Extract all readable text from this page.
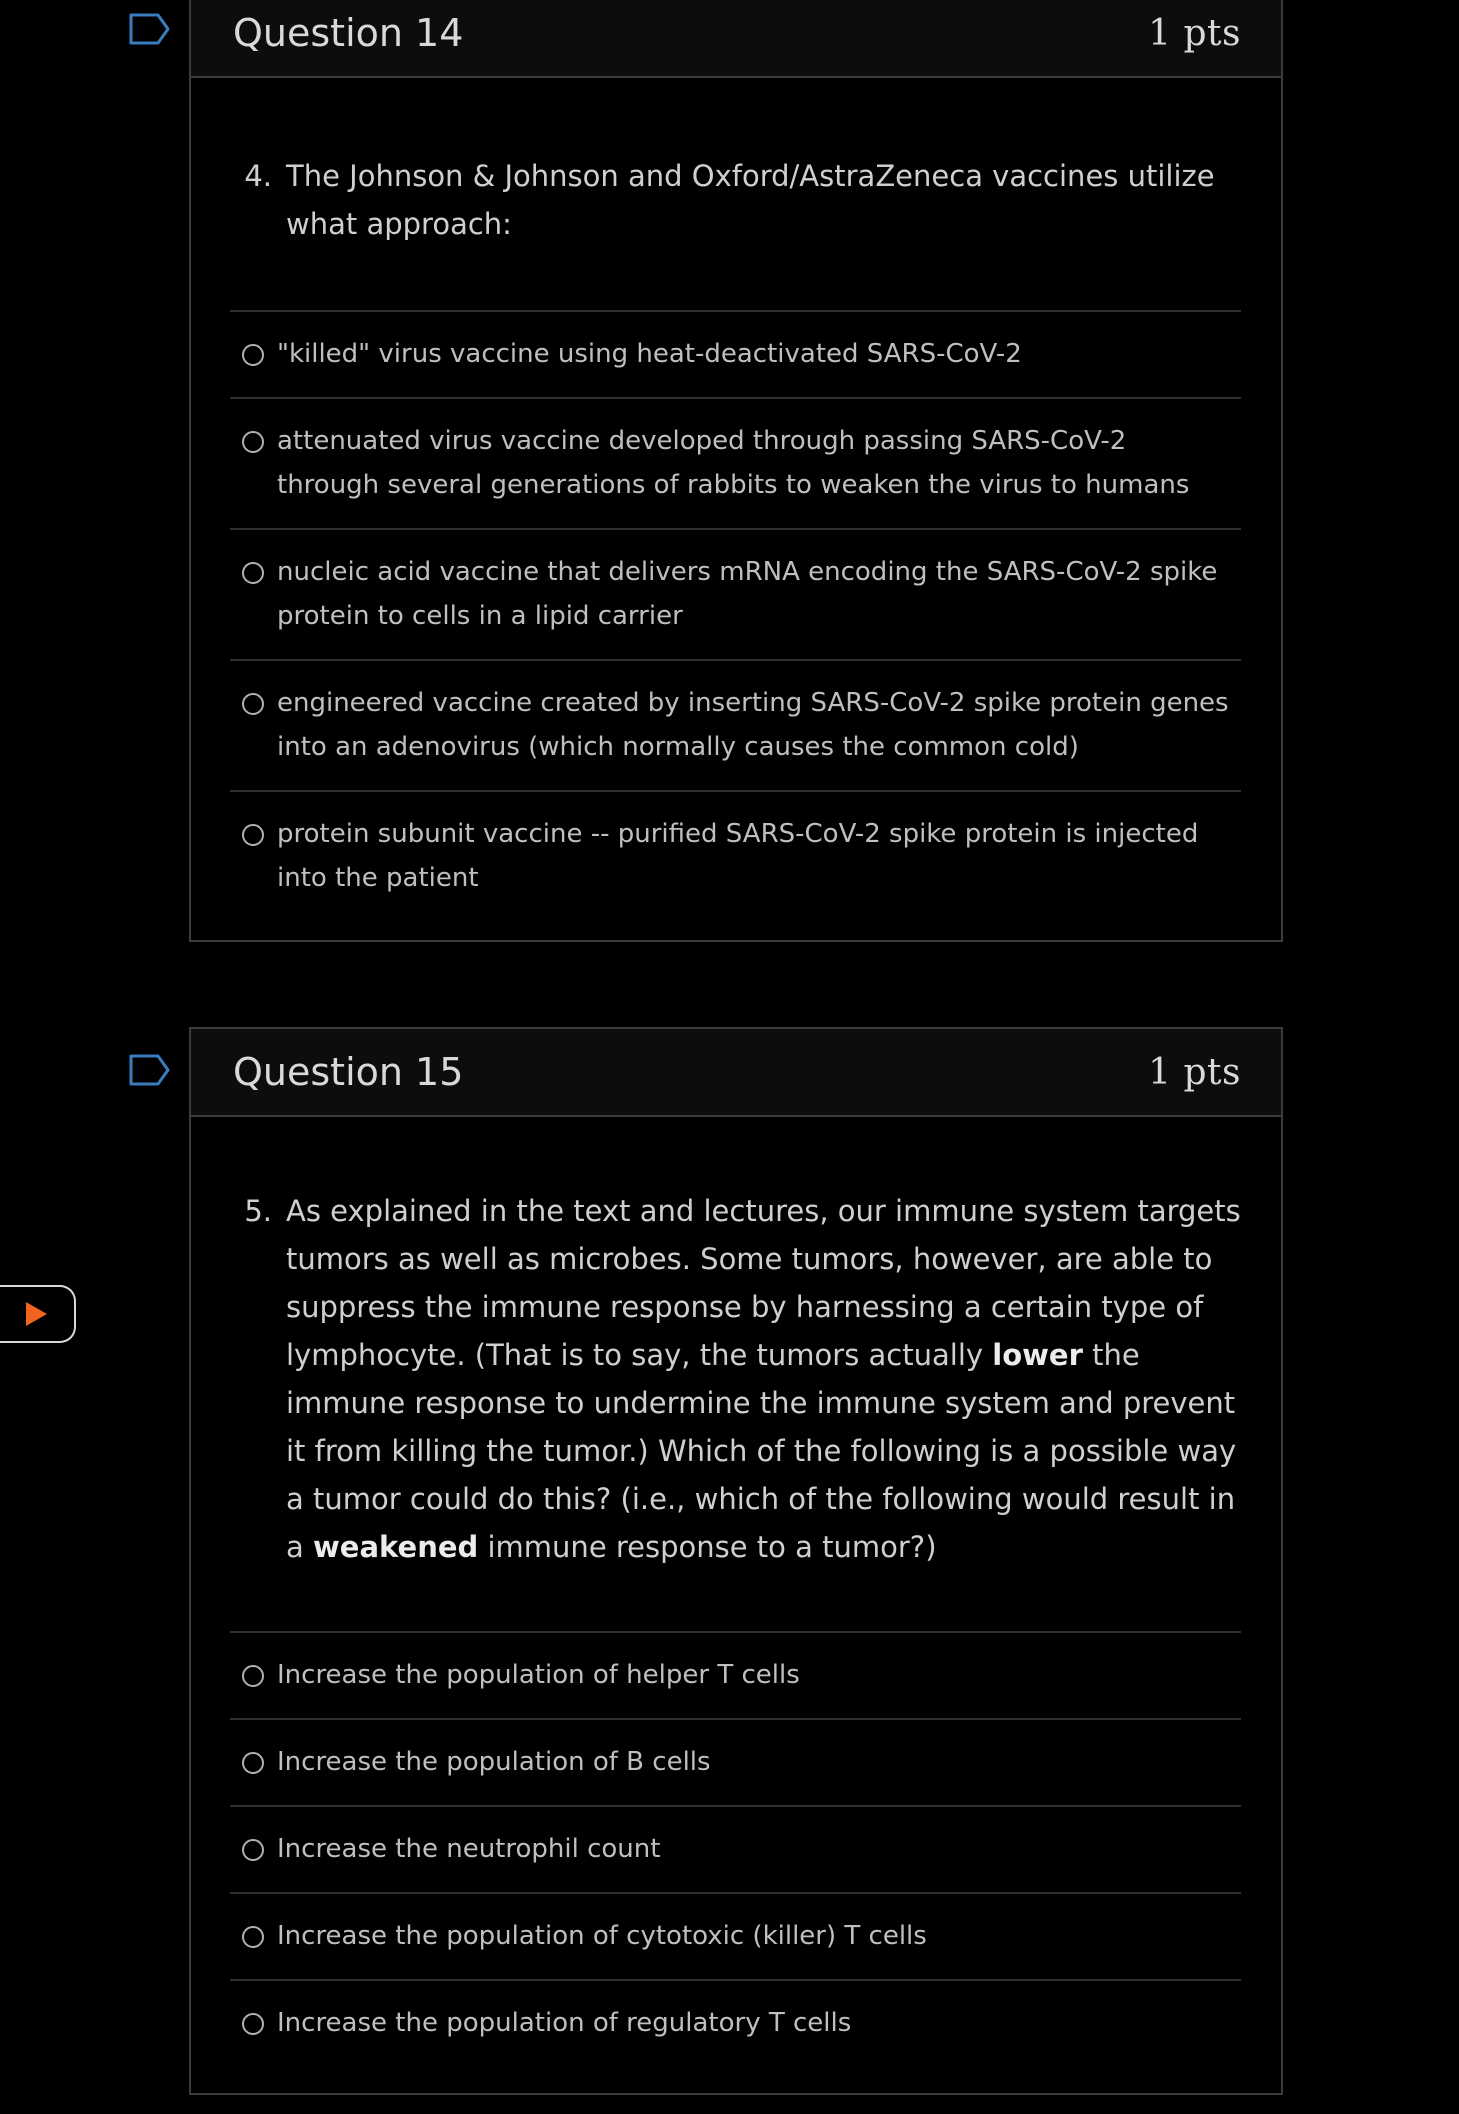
Question 14	1 pts
4. The Johnson & Johnson and Oxford/AstraZeneca vaccines utilize what approach:
"killed" virus vaccine using heat-deactivated SARS-CoV-2
attenuated virus vaccine developed through passing SARS-CoV-2 through several generations of rabbits to weaken the virus to humans
nucleic acid vaccine that delivers mRNA encoding the SARS-CoV-2 spike protein to cells in a lipid carrier
engineered vaccine created by inserting SARS-CoV-2 spike protein genes into an adenovirus (which normally causes the common cold)
protein subunit vaccine -- purified SARS-CoV-2 spike protein is injected into the patient
Question 15	1 pts
5. As explained in the text and lectures, our immune system targets tumors as well as microbes. Some tumors, however, are able to suppress the immune response by harnessing a certain type of lymphocyte. (That is to say, the tumors actually lower the immune response to undermine the immune system and prevent it from killing the tumor.) Which of the following is a possible way a tumor could do this? (i.e., which of the following would result in a weakened immune response to a tumor?)
Increase the population of helper T cells
Increase the population of B cells
Increase the neutrophil count
Increase the population of cytotoxic (killer) T cells
Increase the population of regulatory T cells
